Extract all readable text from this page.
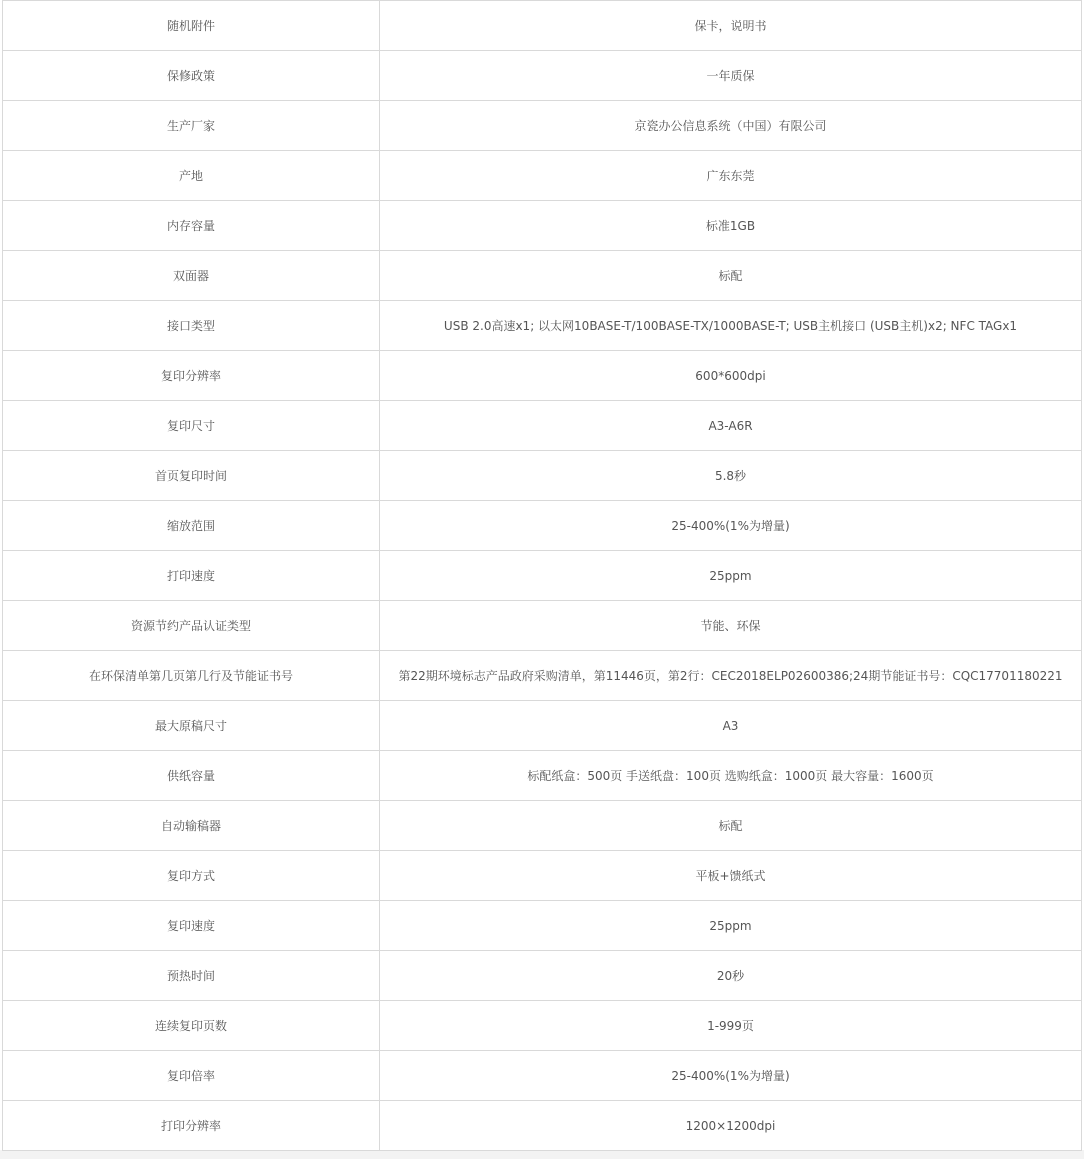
随机附件	保卡，说明书
保修政策	一年质保
生产厂家	京瓷办公信息系统（中国）有限公司
产地	广东东莞
内存容量	标准1GB
双面器	标配
接口类型	USB 2.0高速x1; 以太网10BASE-T/100BASE-TX/1000BASE-T; USB主机接口 (USB主机)x2; NFC TAGx1
复印分辨率	600*600dpi
复印尺寸	A3-A6R
首页复印时间	5.8秒
缩放范围	25-400%(1%为增量)
打印速度	25ppm
资源节约产品认证类型	节能、环保
在环保清单第几页第几行及节能证书号	第22期环境标志产品政府采购清单，第11446页，第2行：CEC2018ELP02600386;24期节能证书号：CQC17701180221
最大原稿尺寸	A3
供纸容量	标配纸盒：500页 手送纸盘：100页 选购纸盒：1000页 最大容量：1600页
自动输稿器	标配
复印方式	平板+馈纸式
复印速度	25ppm
预热时间	20秒
连续复印页数	1-999页
复印倍率	25-400%(1%为增量)
打印分辨率	1200×1200dpi
